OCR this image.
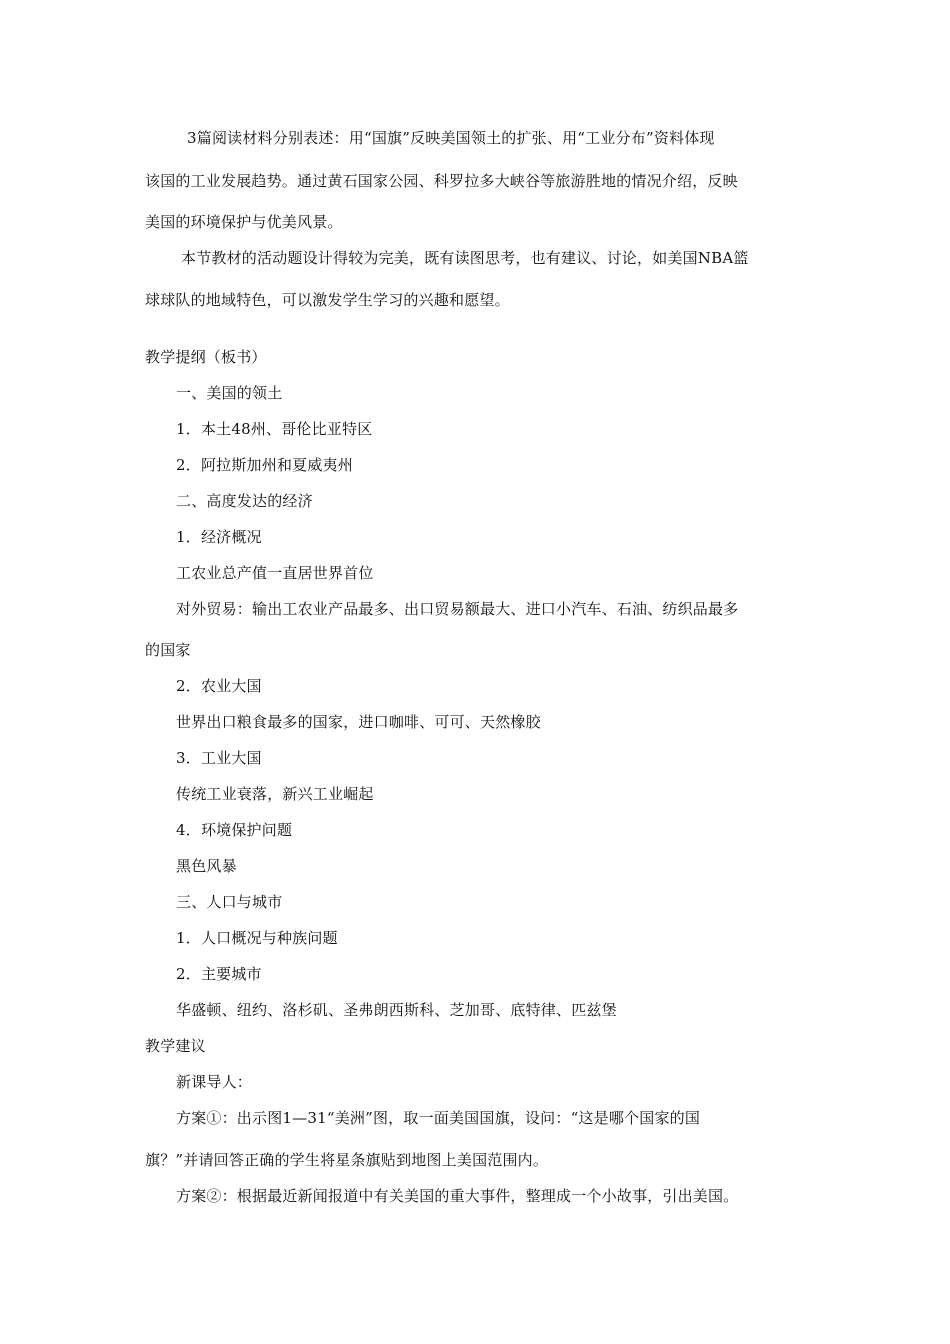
3篇阅读材料分别表述：用“国旗”反映美国领土的扩张、用“工业分布”资料体现
该国的工业发展趋势。通过黄石国家公园、科罗拉多大峡谷等旅游胜地的情况介绍，反映
美国的环境保护与优美风景。
本节教材的活动题设计得较为完美，既有读图思考，也有建议、讨论，如美国NBA篮
球球队的地域特色，可以激发学生学习的兴趣和愿望。
教学提纲（板书）
一、美国的领土
1．本土48州、哥伦比亚特区
2．阿拉斯加州和夏威夷州
二、高度发达的经济
1．经济概况
工农业总产值一直居世界首位
对外贸易：输出工农业产品最多、出口贸易额最大、进口小汽车、石油、纺织品最多
的国家
2．农业大国
世界出口粮食最多的国家，进口咖啡、可可、天然橡胶
3．工业大国
传统工业衰落，新兴工业崛起
4．环境保护问题
黑色风暴
三、人口与城市
1．人口概况与种族问题
2．主要城市
华盛顿、纽约、洛杉矶、圣弗朗西斯科、芝加哥、底特律、匹兹堡
教学建议
新课导人：
方案①：出示图1—31“美洲”图，取一面美国国旗，设问：“这是哪个国家的国
旗？”并请回答正确的学生将星条旗贴到地图上美国范围内。
方案②：根据最近新闻报道中有关美国的重大事件，整理成一个小故事，引出美国。
